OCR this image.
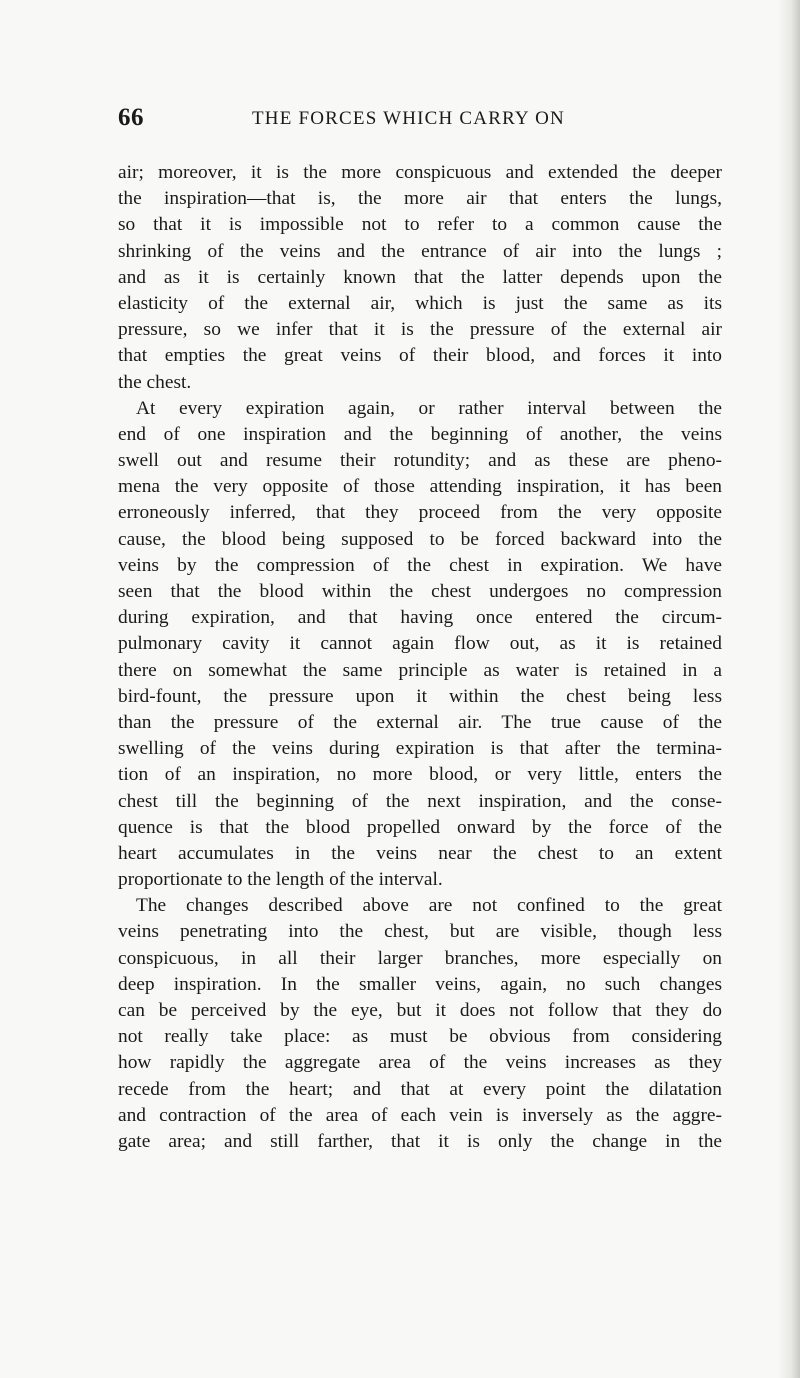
66	THE FORCES WHICH CARRY ON
air; moreover, it is the more conspicuous and extended the deeper
the inspiration—that is, the more air that enters the lungs,
so that it is impossible not to refer to a common cause the
shrinking of the veins and the entrance of air into the lungs ;
and as it is certainly known that the latter depends upon the
elasticity of the external air, which is just the same as its
pressure, so we infer that it is the pressure of the external air
that empties the great veins of their blood, and forces it into
the chest.
At every expiration again, or rather interval between the
end of one inspiration and the beginning of another, the veins
swell out and resume their rotundity; and as these are pheno-
mena the very opposite of those attending inspiration, it has been
erroneously inferred, that they proceed from the very opposite
cause, the blood being supposed to be forced backward into the
veins by the compression of the chest in expiration. We have
seen that the blood within the chest undergoes no compression
during expiration, and that having once entered the circum-
pulmonary cavity it cannot again flow out, as it is retained
there on somewhat the same principle as water is retained in a
bird-fount, the pressure upon it within the chest being less
than the pressure of the external air. The true cause of the
swelling of the veins during expiration is that after the termina-
tion of an inspiration, no more blood, or very little, enters the
chest till the beginning of the next inspiration, and the conse-
quence is that the blood propelled onward by the force of the
heart accumulates in the veins near the chest to an extent
proportionate to the length of the interval.
The changes described above are not confined to the great
veins penetrating into the chest, but are visible, though less
conspicuous, in all their larger branches, more especially on
deep inspiration. In the smaller veins, again, no such changes
can be perceived by the eye, but it does not follow that they do
not really take place: as must be obvious from considering
how rapidly the aggregate area of the veins increases as they
recede from the heart; and that at every point the dilatation
and contraction of the area of each vein is inversely as the aggre-
gate area; and still farther, that it is only the change in the
